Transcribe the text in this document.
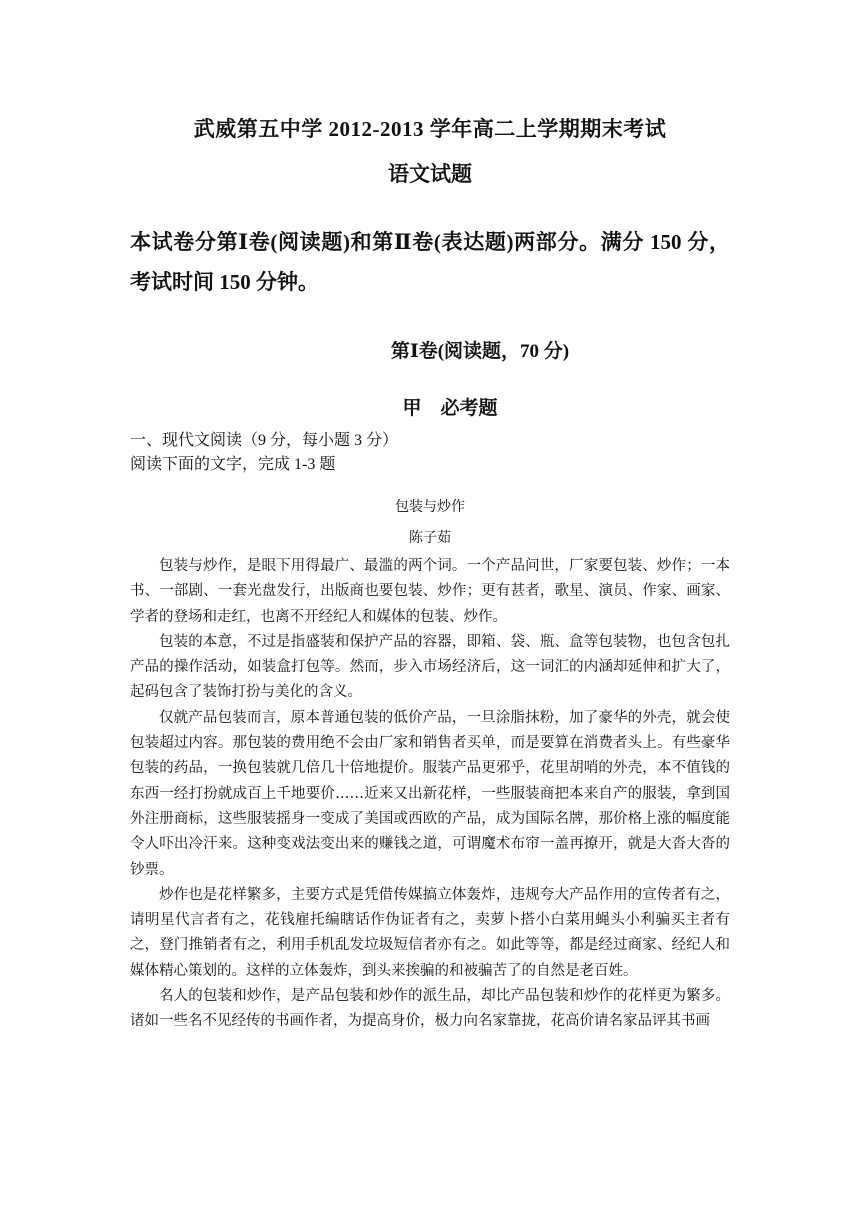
武威第五中学 2012-2013 学年高二上学期期末考试
语文试题
本试卷分第Ⅰ卷(阅读题)和第Ⅱ卷(表达题)两部分。满分 150 分，考试时间 150 分钟。
第Ⅰ卷(阅读题，70 分)
甲　必考题
一、现代文阅读（9 分，每小题 3 分）
阅读下面的文字，完成 1-3 题
包装与炒作
陈子茹

包装与炒作，是眼下用得最广、最滥的两个词。一个产品问世，厂家要包装、炒作；一本书、一部剧、一套光盘发行，出版商也要包装、炒作；更有甚者，歌星、演员、作家、画家、学者的登场和走红，也离不开经纪人和媒体的包装、炒作。

包装的本意，不过是指盛装和保护产品的容器，即箱、袋、瓶、盒等包装物，也包含包扎产品的操作活动，如装盒打包等。然而，步入市场经济后，这一词汇的内涵却延伸和扩大了，起码包含了装饰打扮与美化的含义。

仅就产品包装而言，原本普通包装的低价产品，一旦涂脂抹粉，加了豪华的外壳，就会使包装超过内容。那包装的费用绝不会由厂家和销售者买单，而是要算在消费者头上。有些豪华包装的药品，一换包装就几倍几十倍地提价。服装产品更邪乎，花里胡哨的外壳，本不值钱的东西一经打扮就成百上千地要价……近来又出新花样，一些服装商把本来自产的服装，拿到国外注册商标，这些服装摇身一变成了美国或西欧的产品，成为国际名牌，那价格上涨的幅度能令人吓出冷汗来。这种变戏法变出来的赚钱之道，可谓魔术布帘一盖再撩开，就是大沓大沓的钞票。

炒作也是花样繁多，主要方式是凭借传媒搞立体轰炸，违规夸大产品作用的宣传者有之，请明星代言者有之，花钱雇托编瞎话作伪证者有之，卖萝卜搭小白菜用蝇头小利骗买主者有之，登门推销者有之，利用手机乱发垃圾短信者亦有之。如此等等，都是经过商家、经纪人和媒体精心策划的。这样的立体轰炸，到头来挨骗的和被骗苦了的自然是老百姓。

名人的包装和炒作，是产品包装和炒作的派生品，却比产品包装和炒作的花样更为繁多。诸如一些名不见经传的书画作者，为提高身价，极力向名家靠拢，花高价请名家品评其书画
